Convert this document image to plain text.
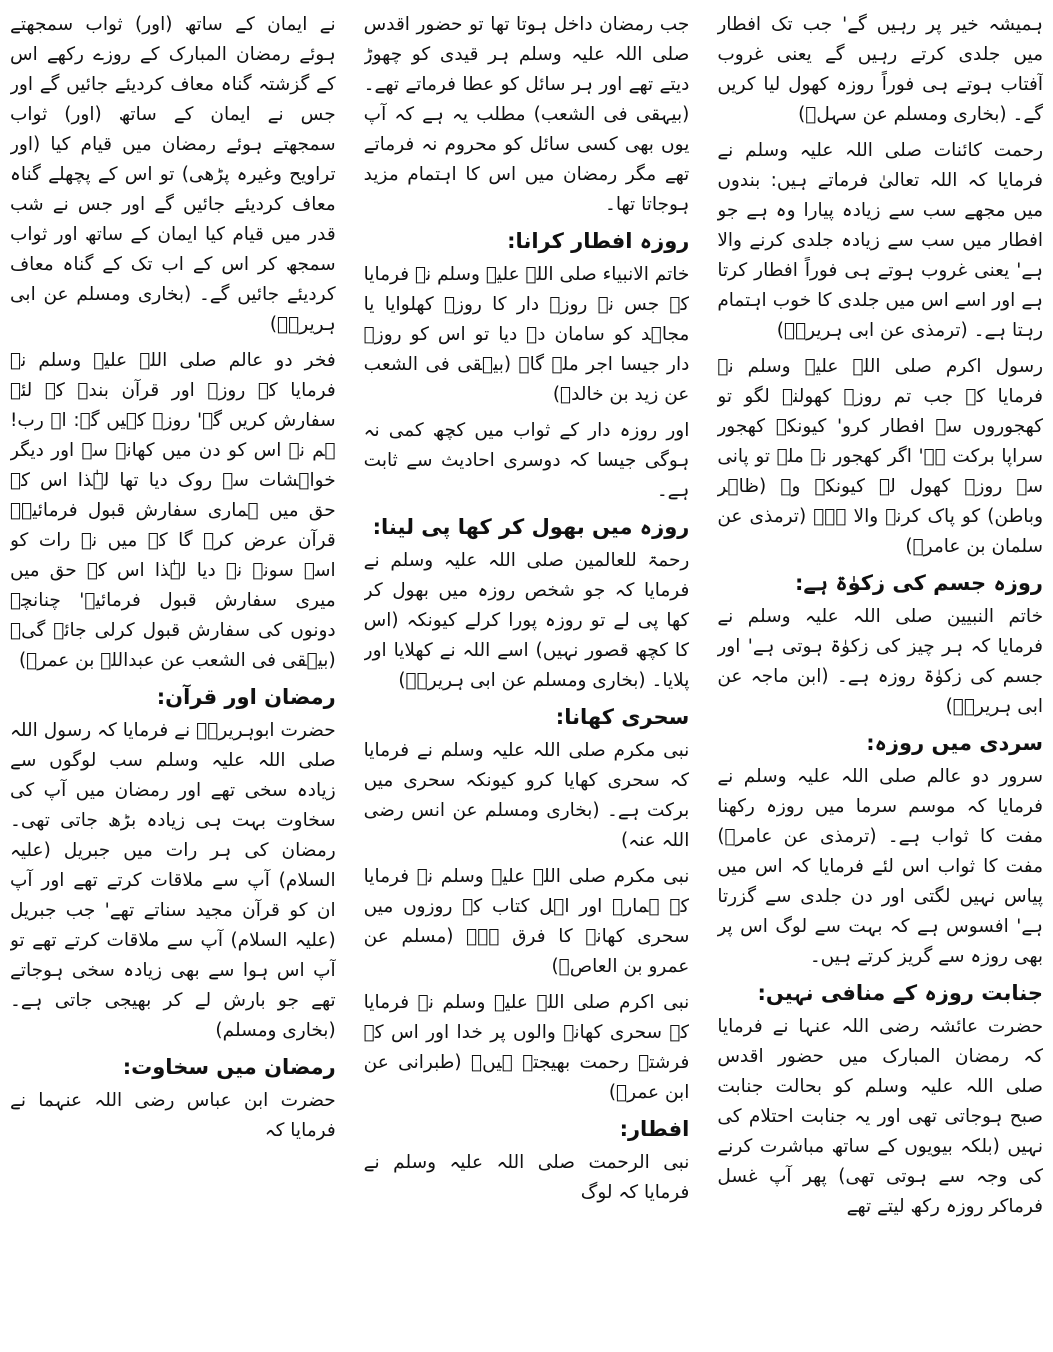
نے ایمان کے ساتھ (اور) ثواب سمجھتے ہوئے رمضان المبارک کے روزے رکھے اس کے گزشتہ گناہ معاف کردیئے جائیں گے اور جس نے ایمان کے ساتھ (اور) ثواب سمجھتے ہوئے رمضان میں قیام کیا (اور تراویح وغیرہ پڑھی) تو اس کے پچھلے گناہ معاف کردیئے جائیں گے اور جس نے شب قدر میں قیام کیا ایمان کے ساتھ اور ثواب سمجھ کر اس کے اب تک کے گناہ معاف کردیئے جائیں گے۔ (بخاری ومسلم عن ابی ہریرہؓ)

فخر دو عالم صلی اللہ علیہ وسلم نے فرمایا کہ روزہ اور قرآن بندہ کے لئے سفارش کریں گے' روزے کہیں گے: اے رب! ہم نے اس کو دن میں کھانے سے اور دیگر خواہشات سے روک دیا تھا لہٰذا اس کے حق میں ہماری سفارش قبول فرمائیے۔ قرآن عرض کرے گا کہ میں نے رات کو اسے سونے نہ دیا لہٰذا اس کے حق میں میری سفارش قبول فرمائیے' چنانچہ دونوں کی سفارش قبول کرلی جائے گی۔ (بیہقی فی الشعب عن عبداللہ بن عمرؓ)

رمضان اور قرآن:

حضرت ابوہریرہؓ نے فرمایا کہ رسول اللہ صلی اللہ علیہ وسلم سب لوگوں سے زیادہ سخی تھے اور رمضان میں آپ کی سخاوت بہت ہی زیادہ بڑھ جاتی تھی۔ رمضان کی ہر رات میں جبریل (علیہ السلام) آپ سے ملاقات کرتے تھے اور آپ ان کو قرآن مجید سناتے تھے' جب جبریل (علیہ السلام) آپ سے ملاقات کرتے تھے تو آپ اس ہوا سے بھی زیادہ سخی ہوجاتے تھے جو بارش لے کر بھیجی جاتی ہے۔ (بخاری ومسلم)

رمضان میں سخاوت:

حضرت ابن عباس رضی اللہ عنہما نے فرمایا کہ

جب رمضان داخل ہوتا تھا تو حضور اقدس صلی اللہ علیہ وسلم ہر قیدی کو چھوڑ دیتے تھے اور ہر سائل کو عطا فرماتے تھے۔ (بیہقی فی الشعب) مطلب یہ ہے کہ آپ یوں بھی کسی سائل کو محروم نہ فرماتے تھے مگر رمضان میں اس کا اہتمام مزید ہوجاتا تھا۔

روزہ افطار کرانا:

خاتم الانبیاء صلی اللہ علیہ وسلم نے فرمایا کہ جس نے روزہ دار کا روزہ کھلوایا یا مجاہد کو سامان دے دیا تو اس کو روزہ دار جیسا اجر ملے گا۔ (بیہقی فی الشعب عن زید بن خالدؓ)

اور روزہ دار کے ثواب میں کچھ کمی نہ ہوگی جیسا کہ دوسری احادیث سے ثابت ہے۔

روزہ میں بھول کر کھا پی لینا:

رحمۃ للعالمین صلی اللہ علیہ وسلم نے فرمایا کہ جو شخص روزہ میں بھول کر کھا پی لے تو روزہ پورا کرلے کیونکہ (اس کا کچھ قصور نہیں) اسے اللہ نے کھلایا اور پلایا۔ (بخاری ومسلم عن ابی ہریرہؓ)

سحری کھانا:

نبی مکرم صلی اللہ علیہ وسلم نے فرمایا کہ سحری کھایا کرو کیونکہ سحری میں برکت ہے۔ (بخاری ومسلم عن انس رضی اللہ عنہ)

نبی مکرم صلی اللہ علیہ وسلم نے فرمایا کہ ہمارے اور اہل کتاب کے روزوں میں سحری کھانے کا فرق ہے۔ (مسلم عن عمرو بن العاصؓ)

نبی اکرم صلی اللہ علیہ وسلم نے فرمایا کہ سحری کھانے والوں پر خدا اور اس کے فرشتے رحمت بھیجتے ہیں۔ (طبرانی عن ابن عمرؓ)

افطار:

نبی الرحمت صلی اللہ علیہ وسلم نے فرمایا کہ لوگ

ہمیشہ خیر پر رہیں گے' جب تک افطار میں جلدی کرتے رہیں گے یعنی غروب آفتاب ہوتے ہی فوراً روزہ کھول لیا کریں گے۔ (بخاری ومسلم عن سہلؓ)

رحمت کائنات صلی اللہ علیہ وسلم نے فرمایا کہ اللہ تعالیٰ فرماتے ہیں: بندوں میں مجھے سب سے زیادہ پیارا وہ ہے جو افطار میں سب سے زیادہ جلدی کرنے والا ہے' یعنی غروب ہوتے ہی فوراً افطار کرتا ہے اور اسے اس میں جلدی کا خوب اہتمام رہتا ہے۔ (ترمذی عن ابی ہریرہؓ)

رسول اکرم صلی اللہ علیہ وسلم نے فرمایا کہ جب تم روزہ کھولنے لگو تو کھجوروں سے افطار کرو' کیونکہ کھجور سراپا برکت ہے' اگر کھجور نہ ملے تو پانی سے روزہ کھول لے کیونکہ وہ (ظاہر وباطن) کو پاک کرنے والا ہے۔ (ترمذی عن سلمان بن عامرؓ)

روزہ جسم کی زکوٰۃ ہے:

خاتم النبیین صلی اللہ علیہ وسلم نے فرمایا کہ ہر چیز کی زکوٰۃ ہوتی ہے' اور جسم کی زکوٰۃ روزہ ہے۔ (ابن ماجہ عن ابی ہریرہؓ)

سردی میں روزہ:

سرور دو عالم صلی اللہ علیہ وسلم نے فرمایا کہ موسم سرما میں روزہ رکھنا مفت کا ثواب ہے۔ (ترمذی عن عامرؓ) مفت کا ثواب اس لئے فرمایا کہ اس میں پیاس نہیں لگتی اور دن جلدی سے گزرتا ہے' افسوس ہے کہ بہت سے لوگ اس پر بھی روزہ سے گریز کرتے ہیں۔

جنابت روزہ کے منافی نہیں:

حضرت عائشہ رضی اللہ عنہا نے فرمایا کہ رمضان المبارک میں حضور اقدس صلی اللہ علیہ وسلم کو بحالت جنابت صبح ہوجاتی تھی اور یہ جنابت احتلام کی نہیں (بلکہ بیویوں کے ساتھ مباشرت کرنے کی وجہ سے ہوتی تھی) پھر آپ غسل فرماکر روزہ رکھ لیتے تھے
